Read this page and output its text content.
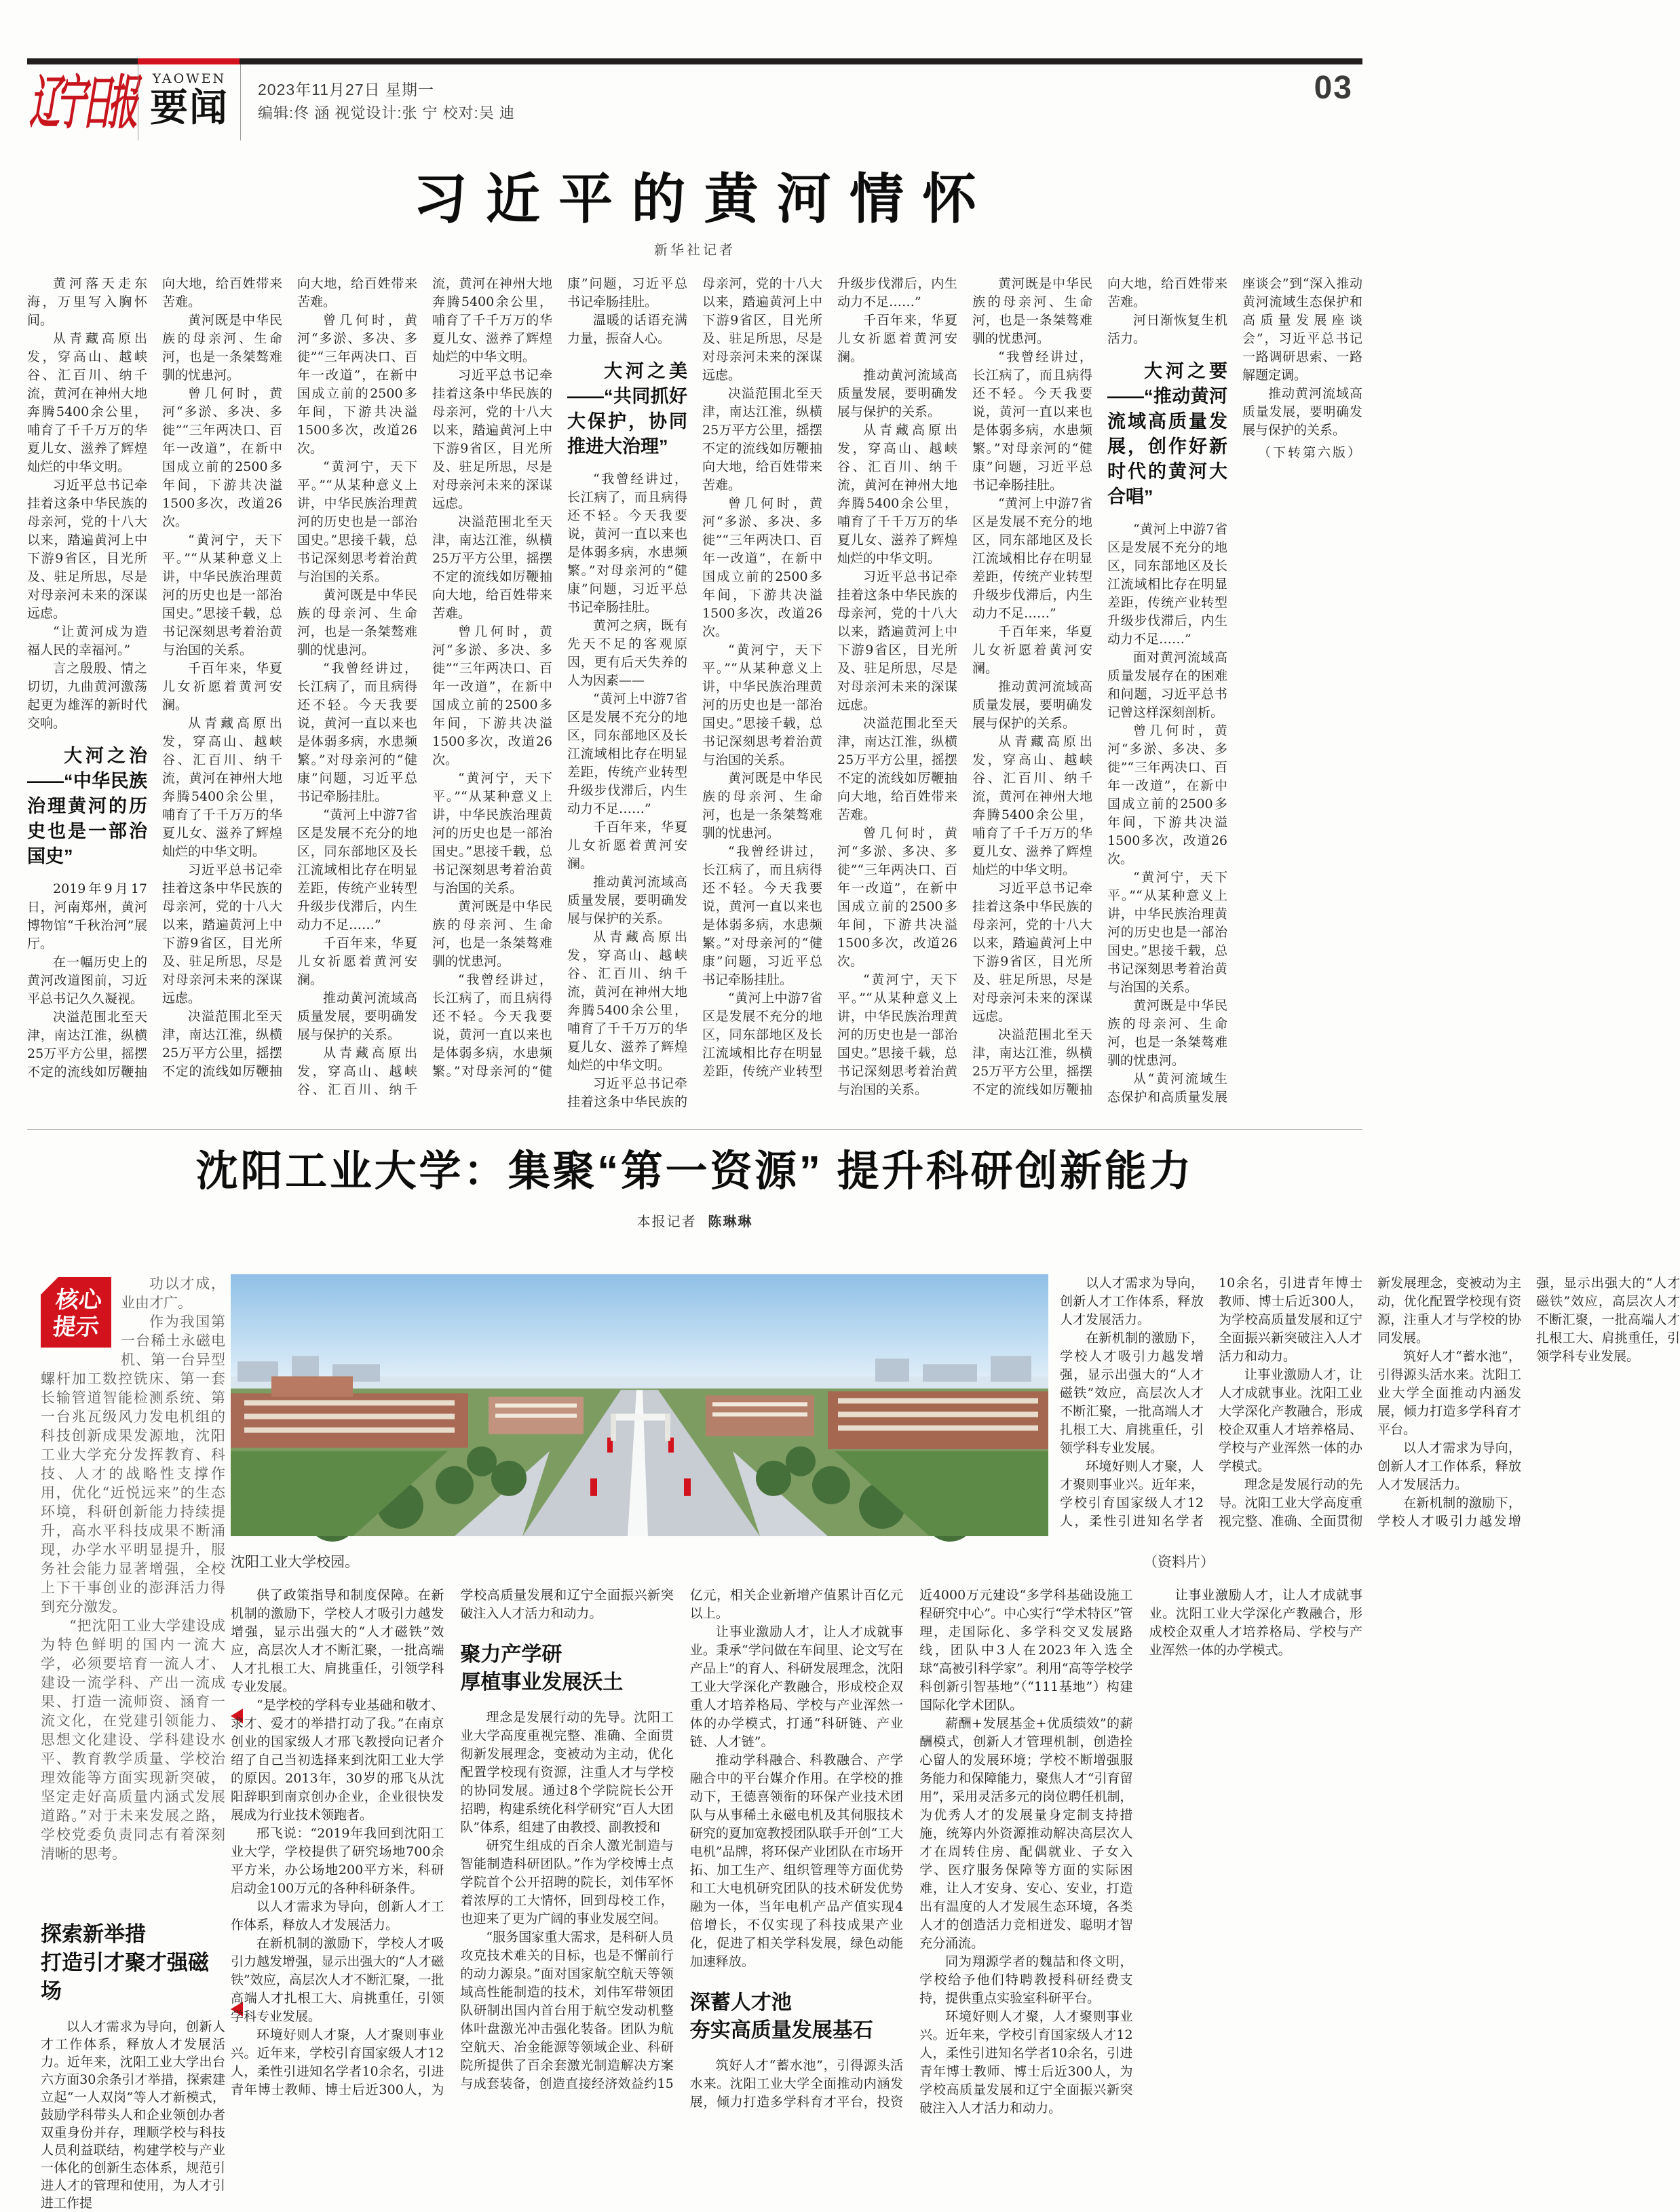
辽宁日报	YAOWEN
要闻	2023年11月27日 星期一
编辑:佟 涵 视觉设计:张 宁 校对:吴 迪
03
习近平的黄河情怀
新华社记者

黄河落天走东海，万里写入胸怀间。

从青藏高原出发，穿高山、越峡谷、汇百川、纳千流，黄河在神州大地奔腾5400余公里，哺育了千千万万的华夏儿女、滋养了辉煌灿烂的中华文明。

习近平总书记牵挂着这条中华民族的母亲河，党的十八大以来，踏遍黄河上中下游9省区，目光所及、驻足所思，尽是对母亲河未来的深谋远虑。

“让黄河成为造福人民的幸福河。”

言之殷殷、情之切切，九曲黄河激荡起更为雄浑的新时代交响。

大河之治——“中华民族治理黄河的历史也是一部治国史”

2019年9月17日，河南郑州，黄河博物馆“千秋治河”展厅。

在一幅历史上的黄河改道图前，习近平总书记久久凝视。

决溢范围北至天津，南达江淮，纵横25万平方公里，摇摆不定的流线如厉鞭抽向大地，给百姓带来苦难。

黄河既是中华民族的母亲河、生命河，也是一条桀骜难驯的忧患河。

曾几何时，黄河“多淤、多决、多徙”“三年两决口、百年一改道”，在新中国成立前的2500多年间，下游共决溢1500多次，改道26次。

“黄河宁，天下平。”“从某种意义上讲，中华民族治理黄河的历史也是一部治国史。”思接千载，总书记深刻思考着治黄与治国的关系。

千百年来，华夏儿女祈愿着黄河安澜。

从青藏高原出发，穿高山、越峡谷、汇百川、纳千流，黄河在神州大地奔腾5400余公里，哺育了千千万万的华夏儿女、滋养了辉煌灿烂的中华文明。

习近平总书记牵挂着这条中华民族的母亲河，党的十八大以来，踏遍黄河上中下游9省区，目光所及、驻足所思，尽是对母亲河未来的深谋远虑。

决溢范围北至天津，南达江淮，纵横25万平方公里，摇摆不定的流线如厉鞭抽向大地，给百姓带来苦难。

曾几何时，黄河“多淤、多决、多徙”“三年两决口、百年一改道”，在新中国成立前的2500多年间，下游共决溢1500多次，改道26次。

“黄河宁，天下平。”“从某种意义上讲，中华民族治理黄河的历史也是一部治国史。”思接千载，总书记深刻思考着治黄与治国的关系。

黄河既是中华民族的母亲河、生命河，也是一条桀骜难驯的忧患河。

“我曾经讲过，长江病了，而且病得还不轻。今天我要说，黄河一直以来也是体弱多病，水患频繁。”对母亲河的“健康”问题，习近平总书记牵肠挂肚。

“黄河上中游7省区是发展不充分的地区，同东部地区及长江流域相比存在明显差距，传统产业转型升级步伐滞后，内生动力不足……”

千百年来，华夏儿女祈愿着黄河安澜。

推动黄河流域高质量发展，要明确发展与保护的关系。

从青藏高原出发，穿高山、越峡谷、汇百川、纳千流，黄河在神州大地奔腾5400余公里，哺育了千千万万的华夏儿女、滋养了辉煌灿烂的中华文明。

习近平总书记牵挂着这条中华民族的母亲河，党的十八大以来，踏遍黄河上中下游9省区，目光所及、驻足所思，尽是对母亲河未来的深谋远虑。

决溢范围北至天津，南达江淮，纵横25万平方公里，摇摆不定的流线如厉鞭抽向大地，给百姓带来苦难。

曾几何时，黄河“多淤、多决、多徙”“三年两决口、百年一改道”，在新中国成立前的2500多年间，下游共决溢1500多次，改道26次。

“黄河宁，天下平。”“从某种意义上讲，中华民族治理黄河的历史也是一部治国史。”思接千载，总书记深刻思考着治黄与治国的关系。

黄河既是中华民族的母亲河、生命河，也是一条桀骜难驯的忧患河。

“我曾经讲过，长江病了，而且病得还不轻。今天我要说，黄河一直以来也是体弱多病，水患频繁。”对母亲河的“健康”问题，习近平总书记牵肠挂肚。

温暖的话语充满力量，振奋人心。

大河之美——“共同抓好大保护，协同推进大治理”

“我曾经讲过，长江病了，而且病得还不轻。今天我要说，黄河一直以来也是体弱多病，水患频繁。”对母亲河的“健康”问题，习近平总书记牵肠挂肚。

黄河之病，既有先天不足的客观原因，更有后天失养的人为因素——

“黄河上中游7省区是发展不充分的地区，同东部地区及长江流域相比存在明显差距，传统产业转型升级步伐滞后，内生动力不足……”

千百年来，华夏儿女祈愿着黄河安澜。

推动黄河流域高质量发展，要明确发展与保护的关系。

从青藏高原出发，穿高山、越峡谷、汇百川、纳千流，黄河在神州大地奔腾5400余公里，哺育了千千万万的华夏儿女、滋养了辉煌灿烂的中华文明。

习近平总书记牵挂着这条中华民族的母亲河，党的十八大以来，踏遍黄河上中下游9省区，目光所及、驻足所思，尽是对母亲河未来的深谋远虑。

决溢范围北至天津，南达江淮，纵横25万平方公里，摇摆不定的流线如厉鞭抽向大地，给百姓带来苦难。

曾几何时，黄河“多淤、多决、多徙”“三年两决口、百年一改道”，在新中国成立前的2500多年间，下游共决溢1500多次，改道26次。

“黄河宁，天下平。”“从某种意义上讲，中华民族治理黄河的历史也是一部治国史。”思接千载，总书记深刻思考着治黄与治国的关系。

黄河既是中华民族的母亲河、生命河，也是一条桀骜难驯的忧患河。

“我曾经讲过，长江病了，而且病得还不轻。今天我要说，黄河一直以来也是体弱多病，水患频繁。”对母亲河的“健康”问题，习近平总书记牵肠挂肚。

“黄河上中游7省区是发展不充分的地区，同东部地区及长江流域相比存在明显差距，传统产业转型升级步伐滞后，内生动力不足……”

千百年来，华夏儿女祈愿着黄河安澜。

推动黄河流域高质量发展，要明确发展与保护的关系。

从青藏高原出发，穿高山、越峡谷、汇百川、纳千流，黄河在神州大地奔腾5400余公里，哺育了千千万万的华夏儿女、滋养了辉煌灿烂的中华文明。

习近平总书记牵挂着这条中华民族的母亲河，党的十八大以来，踏遍黄河上中下游9省区，目光所及、驻足所思，尽是对母亲河未来的深谋远虑。

决溢范围北至天津，南达江淮，纵横25万平方公里，摇摆不定的流线如厉鞭抽向大地，给百姓带来苦难。

曾几何时，黄河“多淤、多决、多徙”“三年两决口、百年一改道”，在新中国成立前的2500多年间，下游共决溢1500多次，改道26次。

“黄河宁，天下平。”“从某种意义上讲，中华民族治理黄河的历史也是一部治国史。”思接千载，总书记深刻思考着治黄与治国的关系。

黄河既是中华民族的母亲河、生命河，也是一条桀骜难驯的忧患河。

“我曾经讲过，长江病了，而且病得还不轻。今天我要说，黄河一直以来也是体弱多病，水患频繁。”对母亲河的“健康”问题，习近平总书记牵肠挂肚。

“黄河上中游7省区是发展不充分的地区，同东部地区及长江流域相比存在明显差距，传统产业转型升级步伐滞后，内生动力不足……”

千百年来，华夏儿女祈愿着黄河安澜。

推动黄河流域高质量发展，要明确发展与保护的关系。

从青藏高原出发，穿高山、越峡谷、汇百川、纳千流，黄河在神州大地奔腾5400余公里，哺育了千千万万的华夏儿女、滋养了辉煌灿烂的中华文明。

习近平总书记牵挂着这条中华民族的母亲河，党的十八大以来，踏遍黄河上中下游9省区，目光所及、驻足所思，尽是对母亲河未来的深谋远虑。

决溢范围北至天津，南达江淮，纵横25万平方公里，摇摆不定的流线如厉鞭抽向大地，给百姓带来苦难。

河日渐恢复生机活力。

大河之要——“推动黄河流域高质量发展，创作好新时代的黄河大合唱”

“黄河上中游7省区是发展不充分的地区，同东部地区及长江流域相比存在明显差距，传统产业转型升级步伐滞后，内生动力不足……”

面对黄河流域高质量发展存在的困难和问题，习近平总书记曾这样深刻剖析。

曾几何时，黄河“多淤、多决、多徙”“三年两决口、百年一改道”，在新中国成立前的2500多年间，下游共决溢1500多次，改道26次。

“黄河宁，天下平。”“从某种意义上讲，中华民族治理黄河的历史也是一部治国史。”思接千载，总书记深刻思考着治黄与治国的关系。

黄河既是中华民族的母亲河、生命河，也是一条桀骜难驯的忧患河。

从“黄河流域生态保护和高质量发展座谈会”到“深入推动黄河流域生态保护和高质量发展座谈会”，习近平总书记一路调研思索、一路解题定调。

推动黄河流域高质量发展，要明确发展与保护的关系。

（下转第六版）

沈阳工业大学：集聚“第一资源” 提升科研创新能力
本报记者 陈琳琳
核心
提示

功以才成，业由才广。

作为我国第一台稀土永磁电机、第一台异型螺杆加工数控铣床、第一套长输管道智能检测系统、第一台兆瓦级风力发电机组的科技创新成果发源地，沈阳工业大学充分发挥教育、科技、人才的战略性支撑作用，优化“近悦远来”的生态环境，科研创新能力持续提升，高水平科技成果不断涌现，办学水平明显提升，服务社会能力显著增强，全校上下干事创业的澎湃活力得到充分激发。

“把沈阳工业大学建设成为特色鲜明的国内一流大学，必须要培育一流人才、建设一流学科、产出一流成果、打造一流师资、涵育一流文化，在党建引领能力、思想文化建设、学科建设水平、教育教学质量、学校治理效能等方面实现新突破，坚定走好高质量内涵式发展道路。”对于未来发展之路，学校党委负责同志有着深刻清晰的思考。

探索新举措
打造引才聚才强磁场

以人才需求为导向，创新人才工作体系，释放人才发展活力。近年来，沈阳工业大学出台六方面30余条引才举措，探索建立起“一人双岗”等人才新模式，鼓励学科带头人和企业领创办者双重身份并存，理顺学校与科技人员利益联结，构建学校与产业一体化的创新生态体系，规范引进人才的管理和使用，为人才引进工作提

以人才需求为导向，创新人才工作体系，释放人才发展活力。

在新机制的激励下，学校人才吸引力越发增强，显示出强大的“人才磁铁”效应，高层次人才不断汇聚，一批高端人才扎根工大、肩挑重任，引领学科专业发展。

环境好则人才聚，人才聚则事业兴。近年来，学校引育国家级人才12人，柔性引进知名学者10余名，引进青年博士教师、博士后近300人，为学校高质量发展和辽宁全面振兴新突破注入人才活力和动力。

让事业激励人才，让人才成就事业。沈阳工业大学深化产教融合，形成校企双重人才培养格局、学校与产业浑然一体的办学模式。

理念是发展行动的先导。沈阳工业大学高度重视完整、准确、全面贯彻新发展理念，变被动为主动，优化配置学校现有资源，注重人才与学校的协同发展。

筑好人才“蓄水池”，引得源头活水来。沈阳工业大学全面推动内涵发展，倾力打造多学科育才平台。

以人才需求为导向，创新人才工作体系，释放人才发展活力。

在新机制的激励下，学校人才吸引力越发增强，显示出强大的“人才磁铁”效应，高层次人才不断汇聚，一批高端人才扎根工大、肩挑重任，引领学科专业发展。

（资料片）
沈阳工业大学校园。

供了政策指导和制度保障。在新机制的激励下，学校人才吸引力越发增强，显示出强大的“人才磁铁”效应，高层次人才不断汇聚，一批高端人才扎根工大、肩挑重任，引领学科专业发展。

“是学校的学科专业基础和敬才、求才、爱才的举措打动了我。”在南京创业的国家级人才邢飞教授向记者介绍了自己当初选择来到沈阳工业大学的原因。2013年，30岁的邢飞从沈阳辞职到南京创办企业，企业很快发展成为行业技术领跑者。

邢飞说：“2019年我回到沈阳工业大学，学校提供了研究场地700余平方米，办公场地200平方米，科研启动金100万元的各种科研条件。

以人才需求为导向，创新人才工作体系，释放人才发展活力。

在新机制的激励下，学校人才吸引力越发增强，显示出强大的“人才磁铁”效应，高层次人才不断汇聚，一批高端人才扎根工大、肩挑重任，引领学科专业发展。

环境好则人才聚，人才聚则事业兴。近年来，学校引育国家级人才12人，柔性引进知名学者10余名，引进青年博士教师、博士后近300人，为学校高质量发展和辽宁全面振兴新突破注入人才活力和动力。

聚力产学研
厚植事业发展沃土

理念是发展行动的先导。沈阳工业大学高度重视完整、准确、全面贯彻新发展理念，变被动为主动，优化配置学校现有资源，注重人才与学校的协同发展。通过8个学院院长公开招聘，构建系统化科学研究“百人大团队”体系，组建了由教授、副教授和

研究生组成的百余人激光制造与智能制造科研团队。”作为学校博士点学院首个公开招聘的院长，刘伟军怀着浓厚的工大情怀，回到母校工作，也迎来了更为广阔的事业发展空间。

“服务国家重大需求，是科研人员攻克技术难关的目标，也是不懈前行的动力源泉。”面对国家航空航天等领域高性能制造的技术，刘伟军带领团队研制出国内首台用于航空发动机整体叶盘激光冲击强化装备。团队为航空航天、冶金能源等领域企业、科研院所提供了百余套激光制造解决方案与成套装备，创造直接经济效益约15亿元，相关企业新增产值累计百亿元以上。

让事业激励人才，让人才成就事业。秉承“学问做在车间里、论文写在产品上”的育人、科研发展理念，沈阳工业大学深化产教融合，形成校企双重人才培养格局、学校与产业浑然一体的办学模式，打通“科研链、产业链、人才链”。

推动学科融合、科教融合、产学融合中的平台媒介作用。在学校的推动下，王德喜领衔的环保产业技术团队与从事稀土永磁电机及其伺服技术研究的夏加宽教授团队联手开创“工大电机”品牌，将环保产业团队在市场开拓、加工生产、组织管理等方面优势和工大电机研究团队的技术研发优势融为一体，当年电机产品产值实现4倍增长，不仅实现了科技成果产业化，促进了相关学科发展，绿色动能加速释放。

深蓄人才池
夯实高质量发展基石

筑好人才“蓄水池”，引得源头活水来。沈阳工业大学全面推动内涵发展，倾力打造多学科育才平台，投资近4000万元建设“多学科基础设施工程研究中心”。中心实行“学术特区”管理，走国际化、多学科交叉发展路线，团队中3人在2023年入选全球“高被引科学家”。利用“高等学校学科创新引智基地”（“111基地”）构建国际化学术团队。

薪酬+发展基金+优质绩效”的薪酬模式，创新人才管理机制，创造拴心留人的发展环境；学校不断增强服务能力和保障能力，聚焦人才“引育留用”，采用灵活多元的岗位聘任机制，为优秀人才的发展量身定制支持措施，统筹内外资源推动解决高层次人才在周转住房、配偶就业、子女入学、医疗服务保障等方面的实际困难，让人才安身、安心、安业，打造出有温度的人才发展生态环境，各类人才的创造活力竞相迸发、聪明才智充分涌流。

同为翔源学者的魏喆和佟文明，学校给予他们特聘教授科研经费支持，提供重点实验室科研平台。

环境好则人才聚，人才聚则事业兴。近年来，学校引育国家级人才12人，柔性引进知名学者10余名，引进青年博士教师、博士后近300人，为学校高质量发展和辽宁全面振兴新突破注入人才活力和动力。

让事业激励人才，让人才成就事业。沈阳工业大学深化产教融合，形成校企双重人才培养格局、学校与产业浑然一体的办学模式。
